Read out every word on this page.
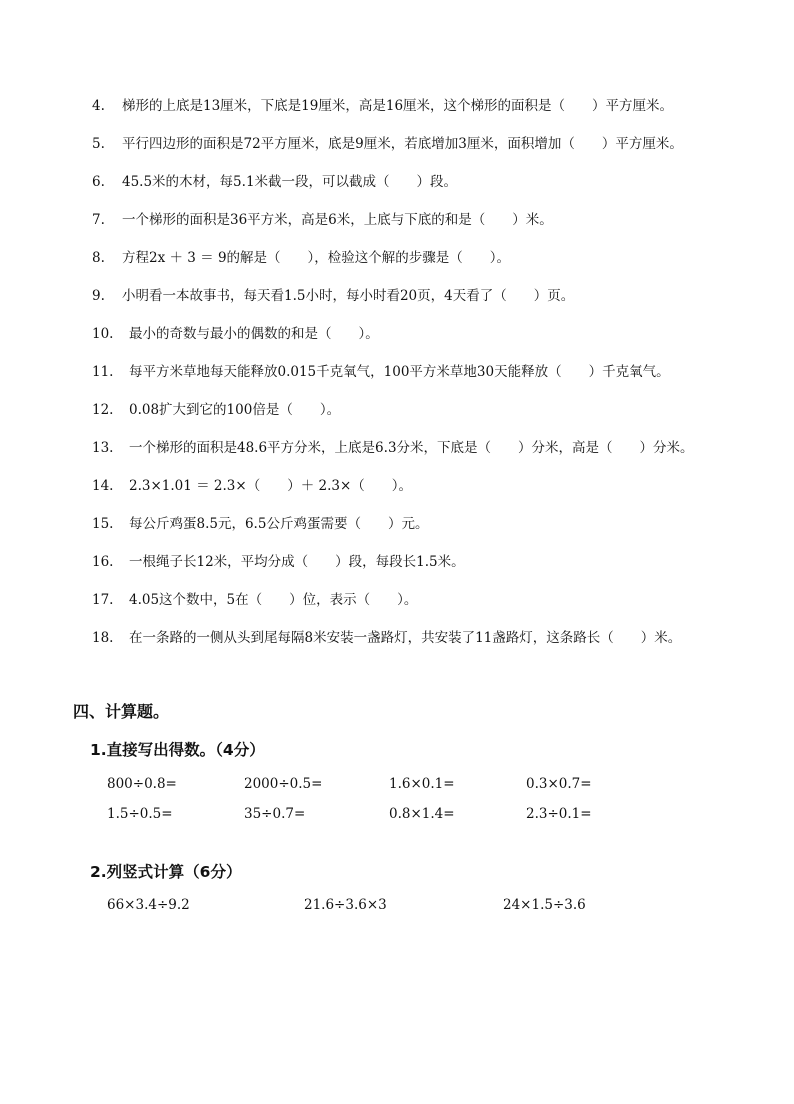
4. 梯形的上底是13厘米，下底是19厘米，高是16厘米，这个梯形的面积是（　　）平方厘米。
5. 平行四边形的面积是72平方厘米，底是9厘米，若底增加3厘米，面积增加（　　）平方厘米。
6. 45.5米的木材，每5.1米截一段，可以截成（　　）段。
7. 一个梯形的面积是36平方米，高是6米，上底与下底的和是（　　）米。
8. 方程2x ＋ 3 ＝ 9的解是（　　），检验这个解的步骤是（　　）。
9. 小明看一本故事书，每天看1.5小时，每小时看20页，4天看了（　　）页。
10. 最小的奇数与最小的偶数的和是（　　）。
11. 每平方米草地每天能释放0.015千克氧气，100平方米草地30天能释放（　　）千克氧气。
12. 0.08扩大到它的100倍是（　　）。
13. 一个梯形的面积是48.6平方分米，上底是6.3分米，下底是（　　）分米，高是（　　）分米。
14. 2.3×1.01 ＝ 2.3×（　　）＋ 2.3×（　　）。
15. 每公斤鸡蛋8.5元，6.5公斤鸡蛋需要（　　）元。
16. 一根绳子长12米，平均分成（　　）段，每段长1.5米。
17. 4.05这个数中，5在（　　）位，表示（　　）。
18. 在一条路的一侧从头到尾每隔8米安装一盏路灯，共安装了11盏路灯，这条路长（　　）米。
四、计算题。
1.直接写出得数。（4分）
800÷0.8=	2000÷0.5=	1.6×0.1=	0.3×0.7=
1.5÷0.5=	35÷0.7=	0.8×1.4=	2.3÷0.1=
2.列竖式计算（6分）
66×3.4÷9.2	21.6÷3.6×3	24×1.5÷3.6
